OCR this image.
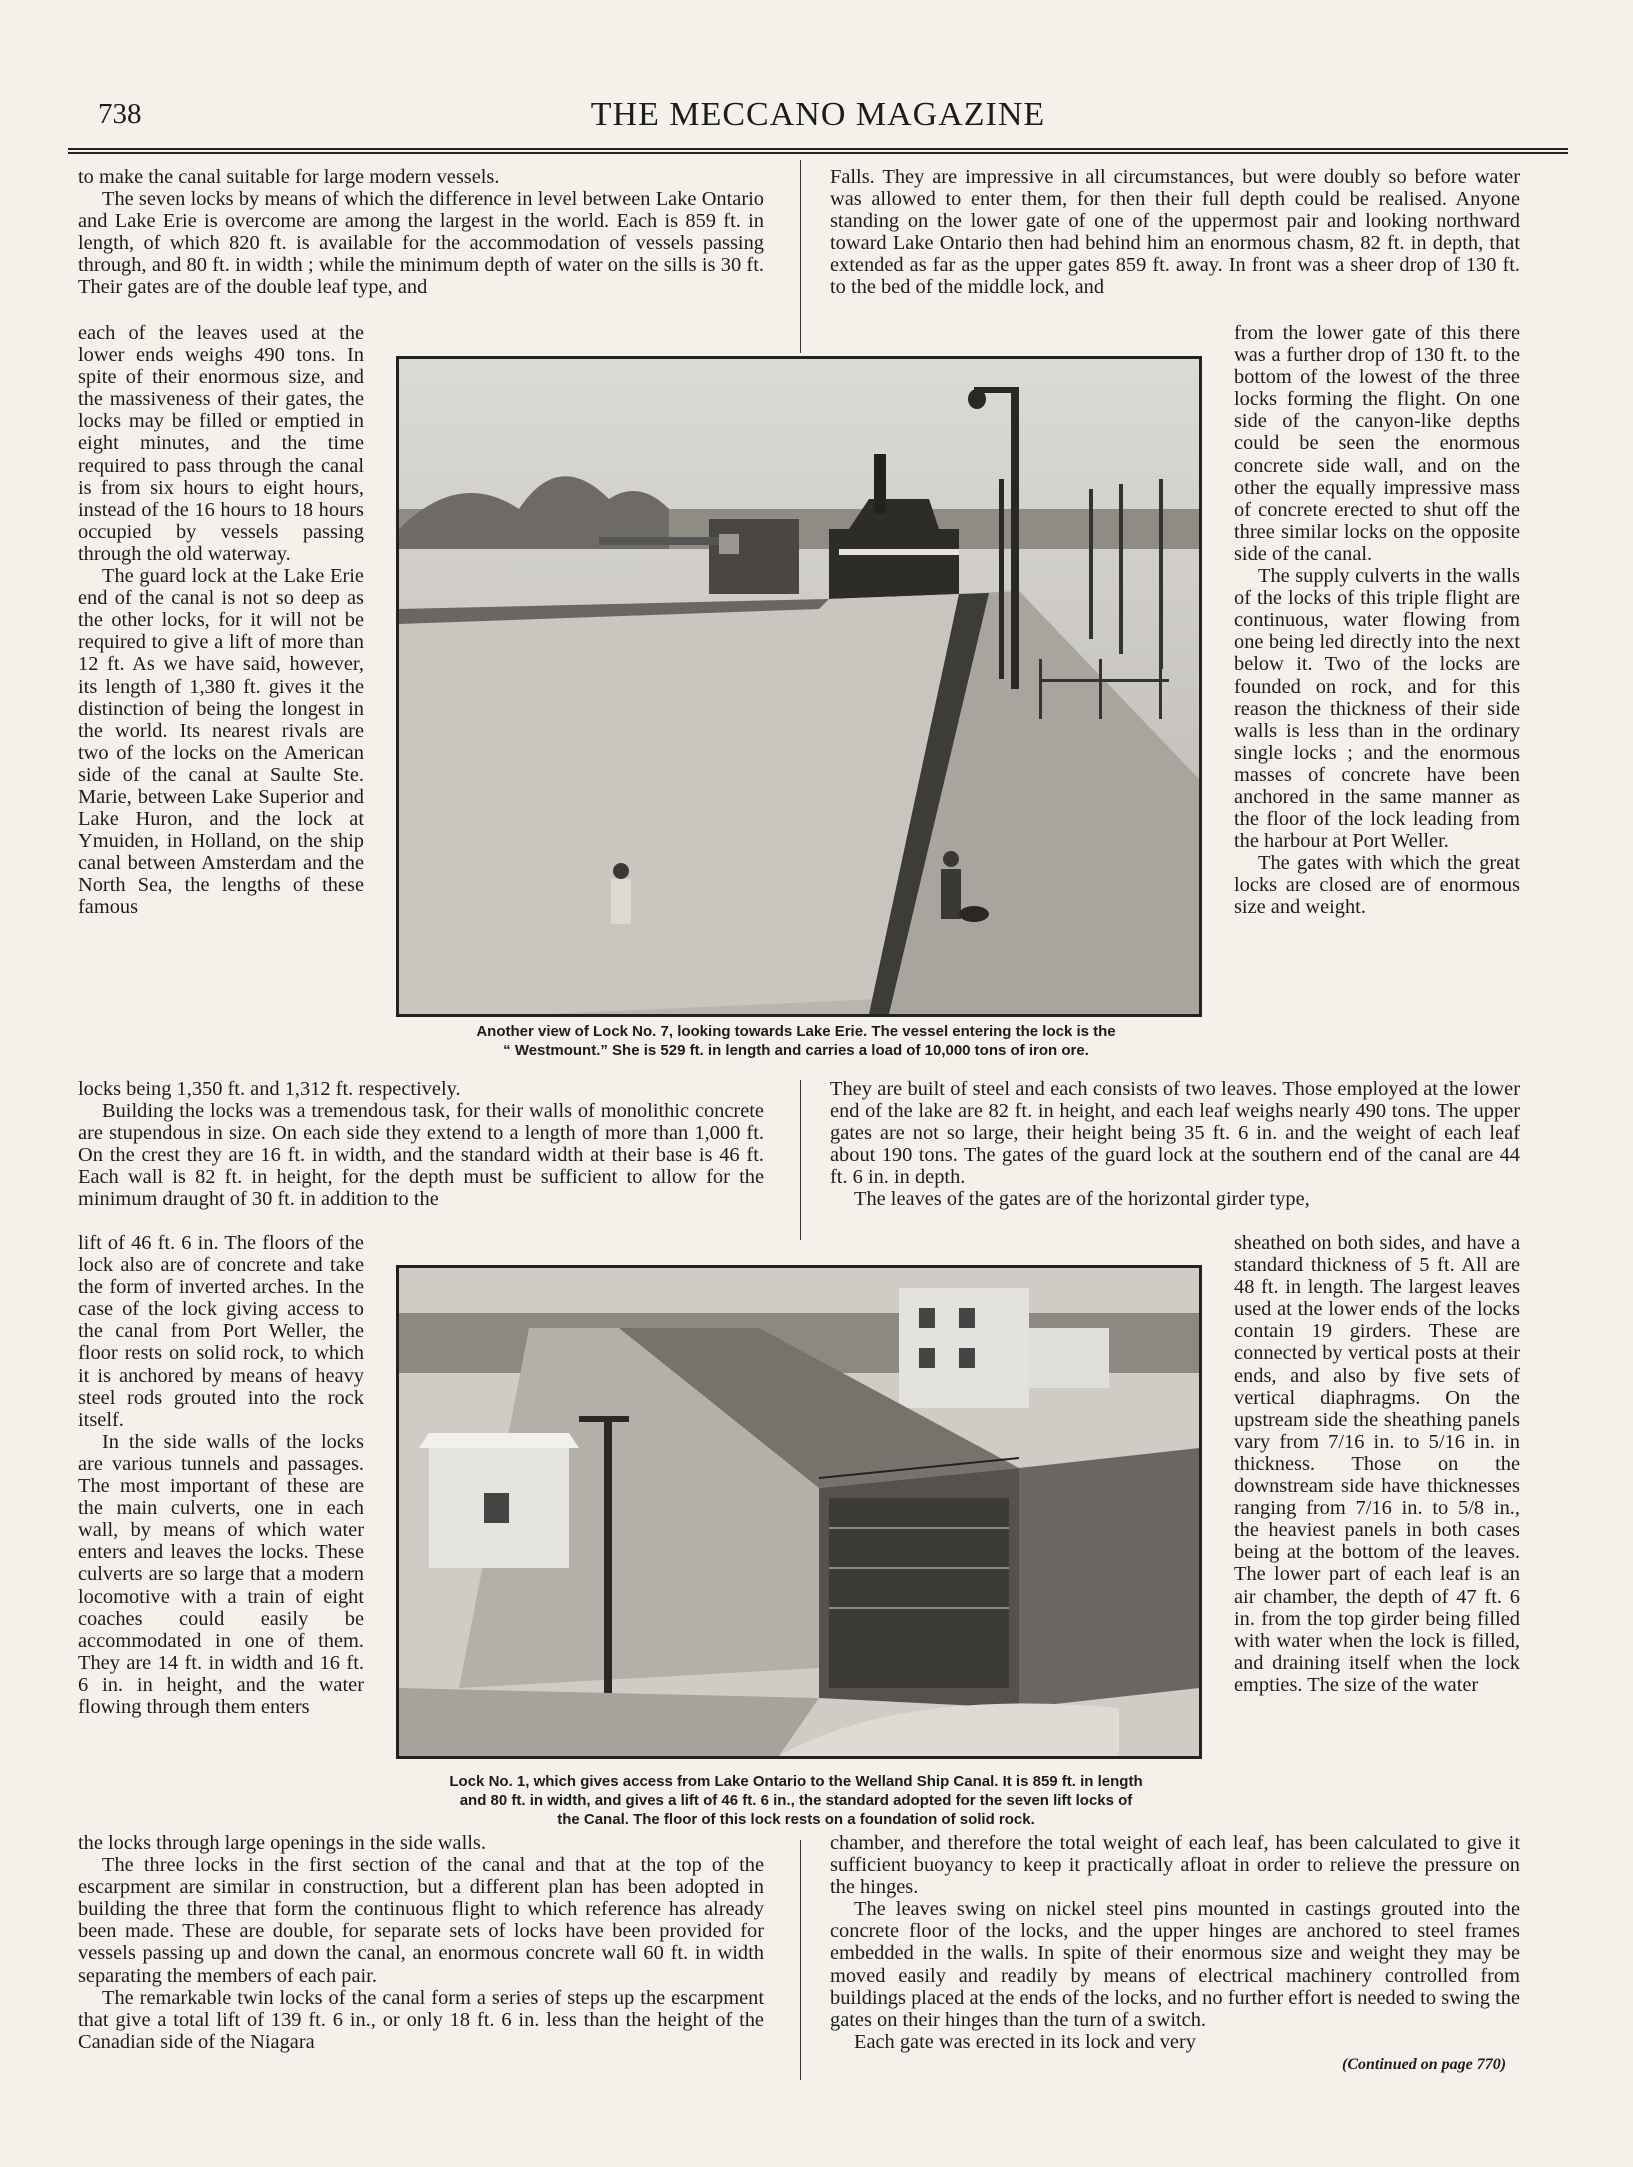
738	THE MECCANO MAGAZINE

to make the canal suitable for large modern vessels.

The seven locks by means of which the difference in level between Lake Ontario and Lake Erie is overcome are among the largest in the world. Each is 859 ft. in length, of which 820 ft. is available for the accommodation of vessels passing through, and 80 ft. in width ; while the minimum depth of water on the sills is 30 ft. Their gates are of the double leaf type, and

each of the leaves used at the lower ends weighs 490 tons. In spite of their enormous size, and the massiveness of their gates, the locks may be filled or emptied in eight minutes, and the time required to pass through the canal is from six hours to eight hours, instead of the 16 hours to 18 hours occupied by vessels passing through the old waterway.

The guard lock at the Lake Erie end of the canal is not so deep as the other locks, for it will not be required to give a lift of more than 12 ft. As we have said, however, its length of 1,380 ft. gives it the distinction of being the longest in the world. Its nearest rivals are two of the locks on the American side of the canal at Saulte Ste. Marie, between Lake Superior and Lake Huron, and the lock at Ymuiden, in Holland, on the ship canal between Amsterdam and the North Sea, the lengths of these famous

locks being 1,350 ft. and 1,312 ft. respectively.

Building the locks was a tremendous task, for their walls of monolithic concrete are stupendous in size. On each side they extend to a length of more than 1,000 ft. On the crest they are 16 ft. in width, and the standard width at their base is 46 ft. Each wall is 82 ft. in height, for the depth must be sufficient to allow for the minimum draught of 30 ft. in addition to the

lift of 46 ft. 6 in. The floors of the lock also are of concrete and take the form of inverted arches. In the case of the lock giving access to the canal from Port Weller, the floor rests on solid rock, to which it is anchored by means of heavy steel rods grouted into the rock itself.

In the side walls of the locks are various tunnels and passages. The most important of these are the main culverts, one in each wall, by means of which water enters and leaves the locks. These culverts are so large that a modern locomotive with a train of eight coaches could easily be accommodated in one of them. They are 14 ft. in width and 16 ft. 6 in. in height, and the water flowing through them enters

the locks through large openings in the side walls.

The three locks in the first section of the canal and that at the top of the escarpment are similar in construction, but a different plan has been adopted in building the three that form the continuous flight to which reference has already been made. These are double, for separate sets of locks have been provided for vessels passing up and down the canal, an enormous concrete wall 60 ft. in width separating the members of each pair.

The remarkable twin locks of the canal form a series of steps up the escarpment that give a total lift of 139 ft. 6 in., or only 18 ft. 6 in. less than the height of the Canadian side of the Niagara

Falls. They are impressive in all circumstances, but were doubly so before water was allowed to enter them, for then their full depth could be realised. Anyone standing on the lower gate of one of the uppermost pair and looking northward toward Lake Ontario then had behind him an enormous chasm, 82 ft. in depth, that extended as far as the upper gates 859 ft. away. In front was a sheer drop of 130 ft. to the bed of the middle lock, and

from the lower gate of this there was a further drop of 130 ft. to the bottom of the lowest of the three locks forming the flight. On one side of the canyon-like depths could be seen the enormous concrete side wall, and on the other the equally impressive mass of concrete erected to shut off the three similar locks on the opposite side of the canal.

The supply culverts in the walls of the locks of this triple flight are continuous, water flowing from one being led directly into the next below it. Two of the locks are founded on rock, and for this reason the thickness of their side walls is less than in the ordinary single locks ; and the enormous masses of concrete have been anchored in the same manner as the floor of the lock leading from the harbour at Port Weller.

The gates with which the great locks are closed are of enormous size and weight.

They are built of steel and each consists of two leaves. Those employed at the lower end of the lake are 82 ft. in height, and each leaf weighs nearly 490 tons. The upper gates are not so large, their height being 35 ft. 6 in. and the weight of each leaf about 190 tons. The gates of the guard lock at the southern end of the canal are 44 ft. 6 in. in depth.

The leaves of the gates are of the horizontal girder type,

sheathed on both sides, and have a standard thickness of 5 ft. All are 48 ft. in length. The largest leaves used at the lower ends of the locks contain 19 girders. These are connected by vertical posts at their ends, and also by five sets of vertical diaphragms. On the upstream side the sheathing panels vary from 7/16 in. to 5/16 in. in thickness. Those on the downstream side have thicknesses ranging from 7/16 in. to 5/8 in., the heaviest panels in both cases being at the bottom of the leaves. The lower part of each leaf is an air chamber, the depth of 47 ft. 6 in. from the top girder being filled with water when the lock is filled, and draining itself when the lock empties. The size of the water

chamber, and therefore the total weight of each leaf, has been calculated to give it sufficient buoyancy to keep it practically afloat in order to relieve the pressure on the hinges.

The leaves swing on nickel steel pins mounted in castings grouted into the concrete floor of the locks, and the upper hinges are anchored to steel frames embedded in the walls. In spite of their enormous size and weight they may be moved easily and readily by means of electrical machinery controlled from buildings placed at the ends of the locks, and no further effort is needed to swing the gates on their hinges than the turn of a switch.

Each gate was erected in its lock and very

(Continued on page 770)
Another view of Lock No. 7, looking towards Lake Erie. The vessel entering the lock is the
“ Westmount.” She is 529 ft. in length and carries a load of 10,000 tons of iron ore.
Lock No. 1, which gives access from Lake Ontario to the Welland Ship Canal. It is 859 ft. in length
and 80 ft. in width, and gives a lift of 46 ft. 6 in., the standard adopted for the seven lift locks of
the Canal. The floor of this lock rests on a foundation of solid rock.
